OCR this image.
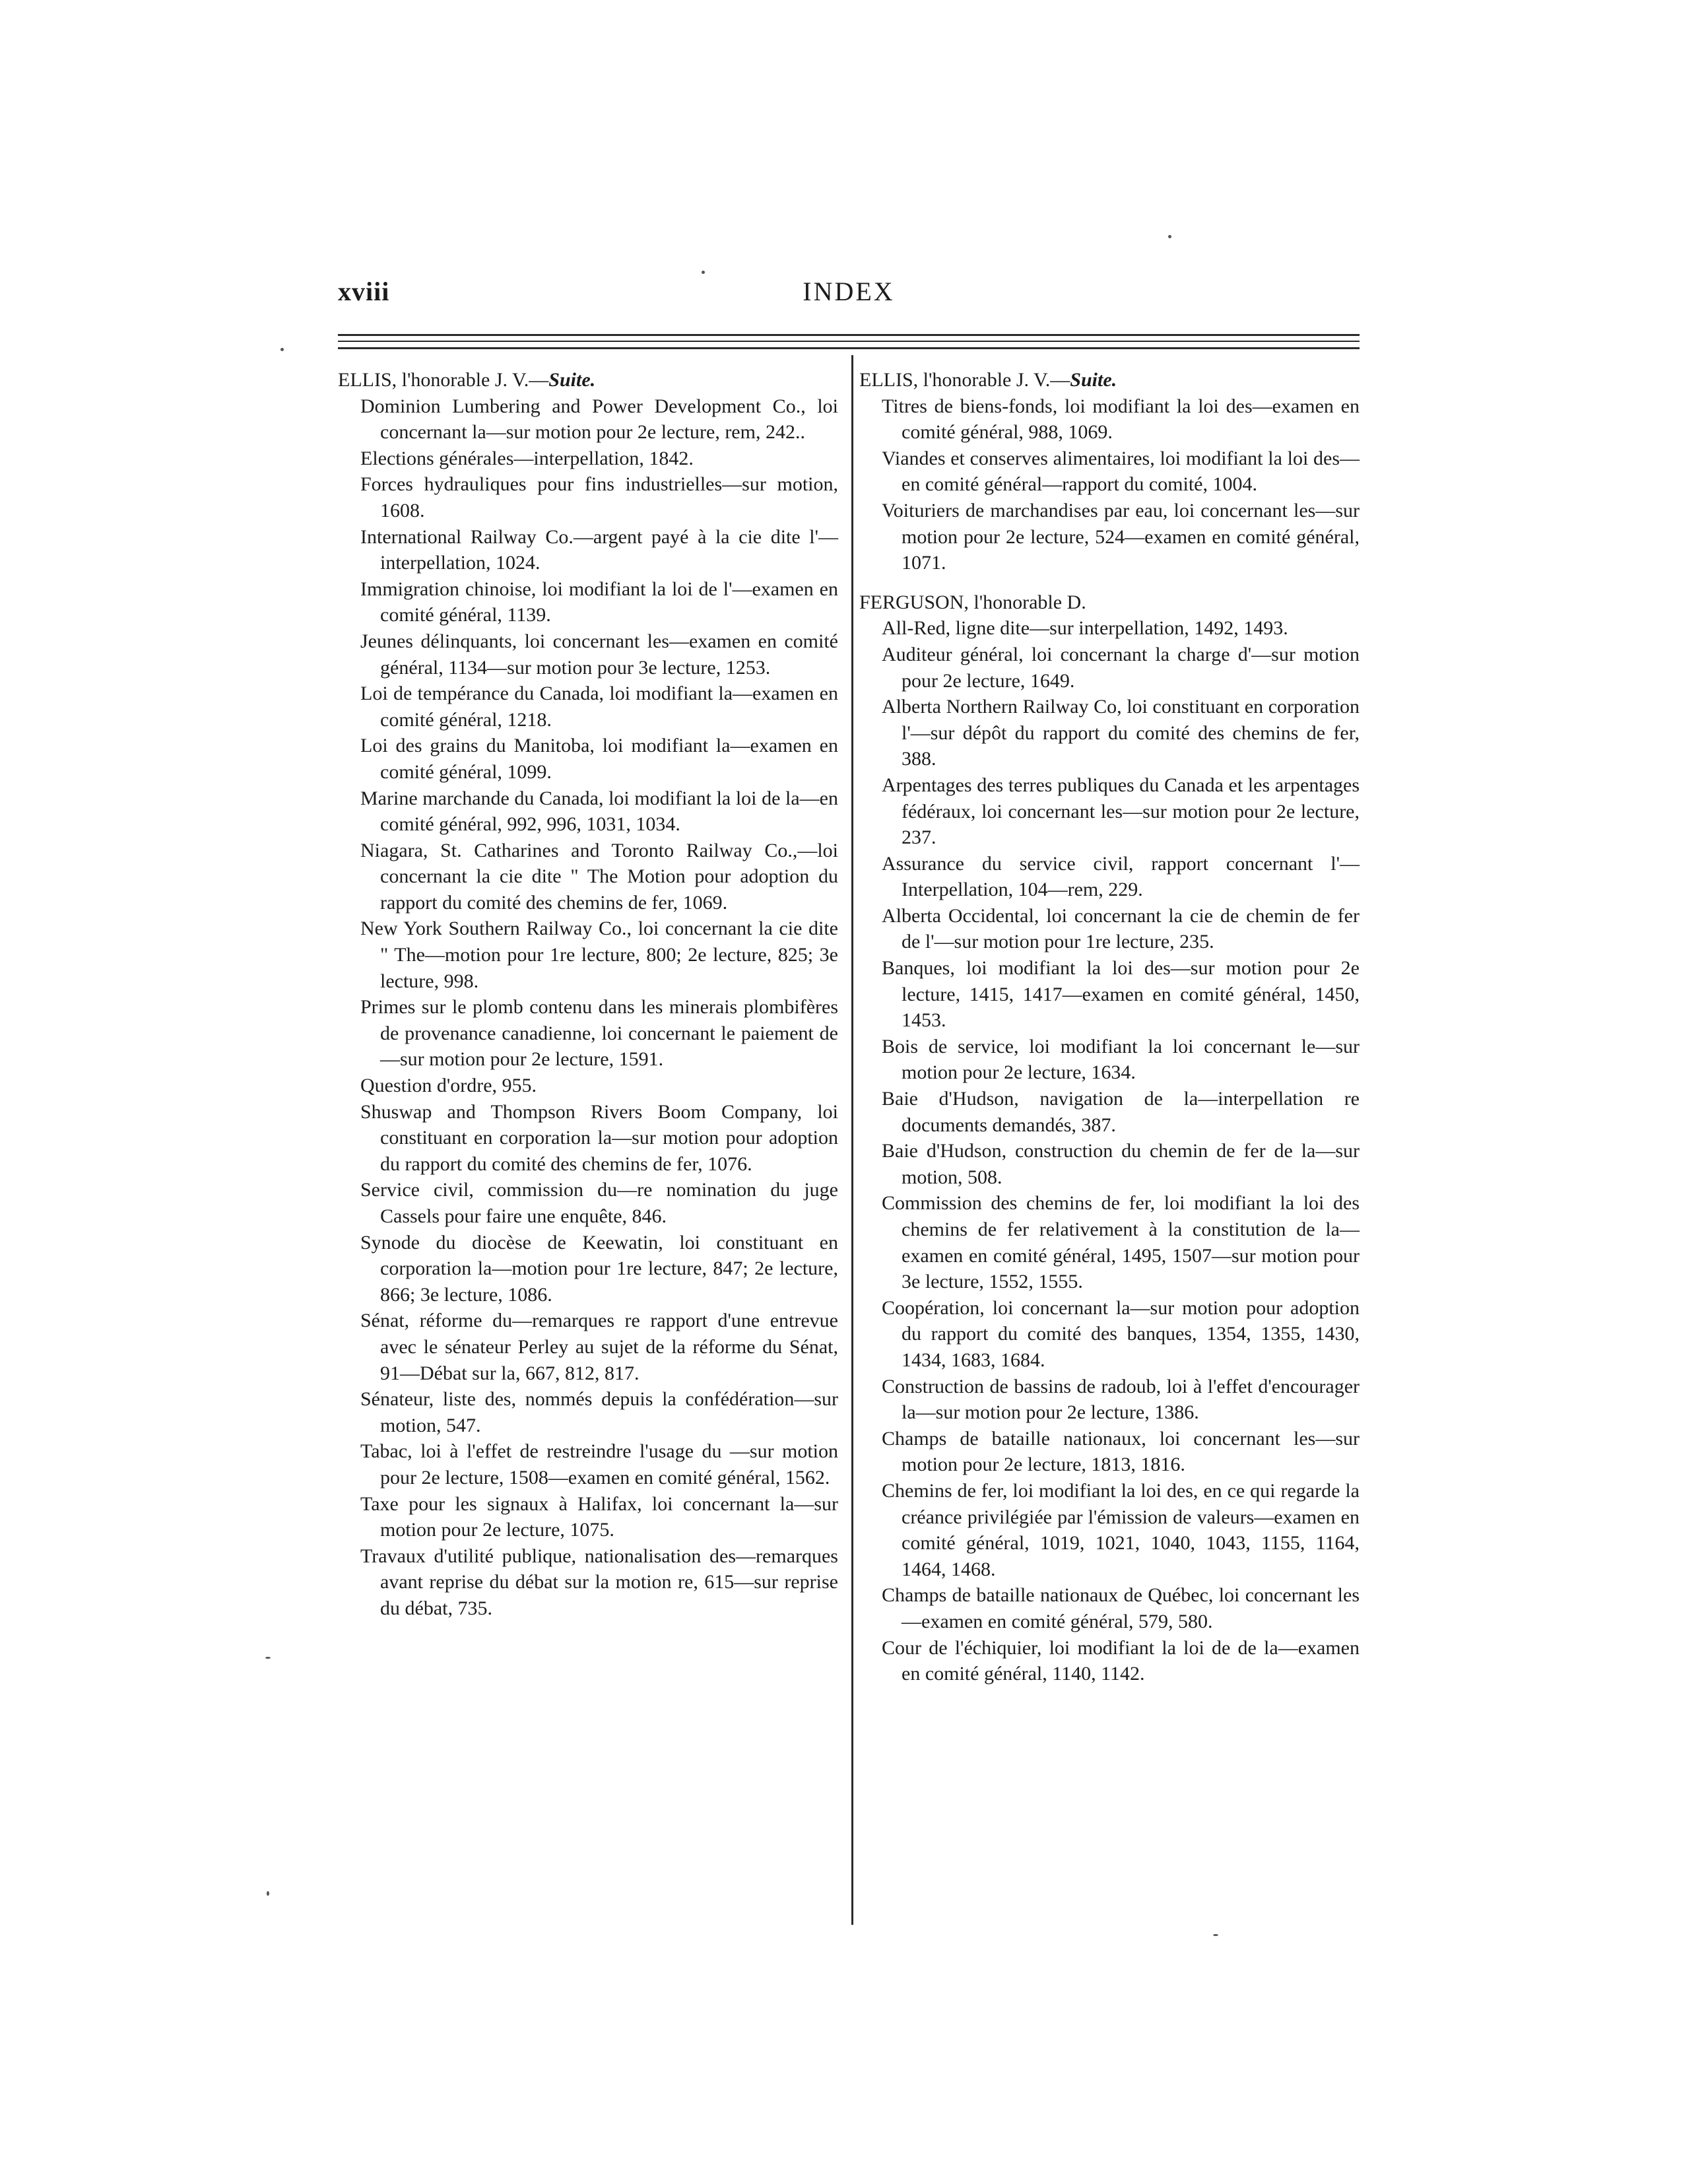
xviii	INDEX

ELLIS, l'honorable J. V.—Suite.

Dominion Lumbering and Power Development Co., loi concernant la—sur motion pour 2e lecture, rem, 242..

Elections générales—interpellation, 1842.

Forces hydrauliques pour fins industrielles—sur motion, 1608.

International Railway Co.—argent payé à la cie dite l'—interpellation, 1024.

Immigration chinoise, loi modifiant la loi de l'—examen en comité général, 1139.

Jeunes délinquants, loi concernant les—examen en comité général, 1134—sur motion pour 3e lecture, 1253.

Loi de tempérance du Canada, loi modifiant la—examen en comité général, 1218.

Loi des grains du Manitoba, loi modifiant la—examen en comité général, 1099.

Marine marchande du Canada, loi modifiant la loi de la—en comité général, 992, 996, 1031, 1034.

Niagara, St. Catharines and Toronto Railway Co.,—loi concernant la cie dite " The Motion pour adoption du rapport du comité des chemins de fer, 1069.

New York Southern Railway Co., loi concernant la cie dite " The—motion pour 1re lecture, 800; 2e lecture, 825; 3e lecture, 998.

Primes sur le plomb contenu dans les minerais plombifères de provenance canadienne, loi concernant le paiement de—sur motion pour 2e lecture, 1591.

Question d'ordre, 955.

Shuswap and Thompson Rivers Boom Company, loi constituant en corporation la—sur motion pour adoption du rapport du comité des chemins de fer, 1076.

Service civil, commission du—re nomination du juge Cassels pour faire une enquête, 846.

Synode du diocèse de Keewatin, loi constituant en corporation la—motion pour 1re lecture, 847; 2e lecture, 866; 3e lecture, 1086.

Sénat, réforme du—remarques re rapport d'une entrevue avec le sénateur Perley au sujet de la réforme du Sénat, 91—Débat sur la, 667, 812, 817.

Sénateur, liste des, nommés depuis la confédération—sur motion, 547.

Tabac, loi à l'effet de restreindre l'usage du —sur motion pour 2e lecture, 1508—examen en comité général, 1562.

Taxe pour les signaux à Halifax, loi concernant la—sur motion pour 2e lecture, 1075.

Travaux d'utilité publique, nationalisation des—remarques avant reprise du débat sur la motion re, 615—sur reprise du débat, 735.

ELLIS, l'honorable J. V.—Suite.

Titres de biens-fonds, loi modifiant la loi des—examen en comité général, 988, 1069.

Viandes et conserves alimentaires, loi modifiant la loi des—en comité général—rapport du comité, 1004.

Voituriers de marchandises par eau, loi concernant les—sur motion pour 2e lecture, 524—examen en comité général, 1071.

FERGUSON, l'honorable D.

All-Red, ligne dite—sur interpellation, 1492, 1493.

Auditeur général, loi concernant la charge d'—sur motion pour 2e lecture, 1649.

Alberta Northern Railway Co, loi constituant en corporation l'—sur dépôt du rapport du comité des chemins de fer, 388.

Arpentages des terres publiques du Canada et les arpentages fédéraux, loi concernant les—sur motion pour 2e lecture, 237.

Assurance du service civil, rapport concernant l'—Interpellation, 104—rem, 229.

Alberta Occidental, loi concernant la cie de chemin de fer de l'—sur motion pour 1re lecture, 235.

Banques, loi modifiant la loi des—sur motion pour 2e lecture, 1415, 1417—examen en comité général, 1450, 1453.

Bois de service, loi modifiant la loi concernant le—sur motion pour 2e lecture, 1634.

Baie d'Hudson, navigation de la—interpellation re documents demandés, 387.

Baie d'Hudson, construction du chemin de fer de la—sur motion, 508.

Commission des chemins de fer, loi modifiant la loi des chemins de fer relativement à la constitution de la—examen en comité général, 1495, 1507—sur motion pour 3e lecture, 1552, 1555.

Coopération, loi concernant la—sur motion pour adoption du rapport du comité des banques, 1354, 1355, 1430, 1434, 1683, 1684.

Construction de bassins de radoub, loi à l'effet d'encourager la—sur motion pour 2e lecture, 1386.

Champs de bataille nationaux, loi concernant les—sur motion pour 2e lecture, 1813, 1816.

Chemins de fer, loi modifiant la loi des, en ce qui regarde la créance privilégiée par l'émission de valeurs—examen en comité général, 1019, 1021, 1040, 1043, 1155, 1164, 1464, 1468.

Champs de bataille nationaux de Québec, loi concernant les—examen en comité général, 579, 580.

Cour de l'échiquier, loi modifiant la loi de de la—examen en comité général, 1140, 1142.
